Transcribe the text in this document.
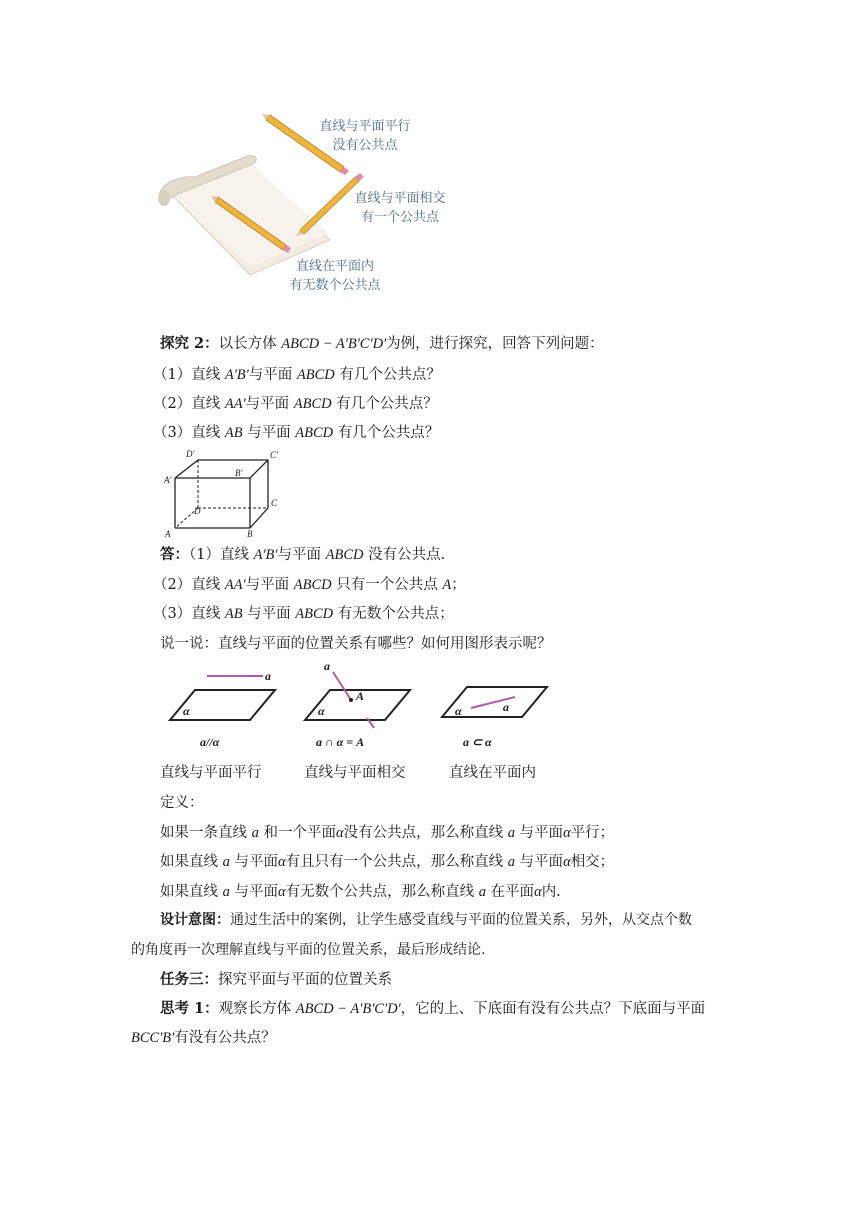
直线与平面平行
没有公共点
直线与平面相交
有一个公共点
直线在平面内
有无数个公共点
探究 2：以长方体 ABCD − A'B'C'D'为例，进行探究，回答下列问题：
（1）直线 A'B'与平面 ABCD 有几个公共点？
（2）直线 AA'与平面 ABCD 有几个公共点？
（3）直线 AB 与平面 ABCD 有几个公共点？
D'	C'
A'
B'
C
D
A	B
答：（1）直线 A'B'与平面 ABCD 没有公共点.
（2）直线 AA'与平面 ABCD 只有一个公共点 A；
（3）直线 AB 与平面 ABCD 有无数个公共点；
说一说：直线与平面的位置关系有哪些？如何用图形表示呢？
a
α
a
A
α	a
α
a//α	a ∩ α = A	a ⊂ α
直线与平面平行	直线与平面相交	直线在平面内
定义：
如果一条直线 a 和一个平面α没有公共点，那么称直线 a 与平面α平行；
如果直线 a 与平面α有且只有一个公共点，那么称直线 a 与平面α相交；
如果直线 a 与平面α有无数个公共点，那么称直线 a 在平面α内.
设计意图：通过生活中的案例，让学生感受直线与平面的位置关系，另外，从交点个数
的角度再一次理解直线与平面的位置关系，最后形成结论.
任务三：探究平面与平面的位置关系
思考 1：观察长方体 ABCD − A'B'C'D'，它的上、下底面有没有公共点？下底面与平面
BCC'B'有没有公共点？
